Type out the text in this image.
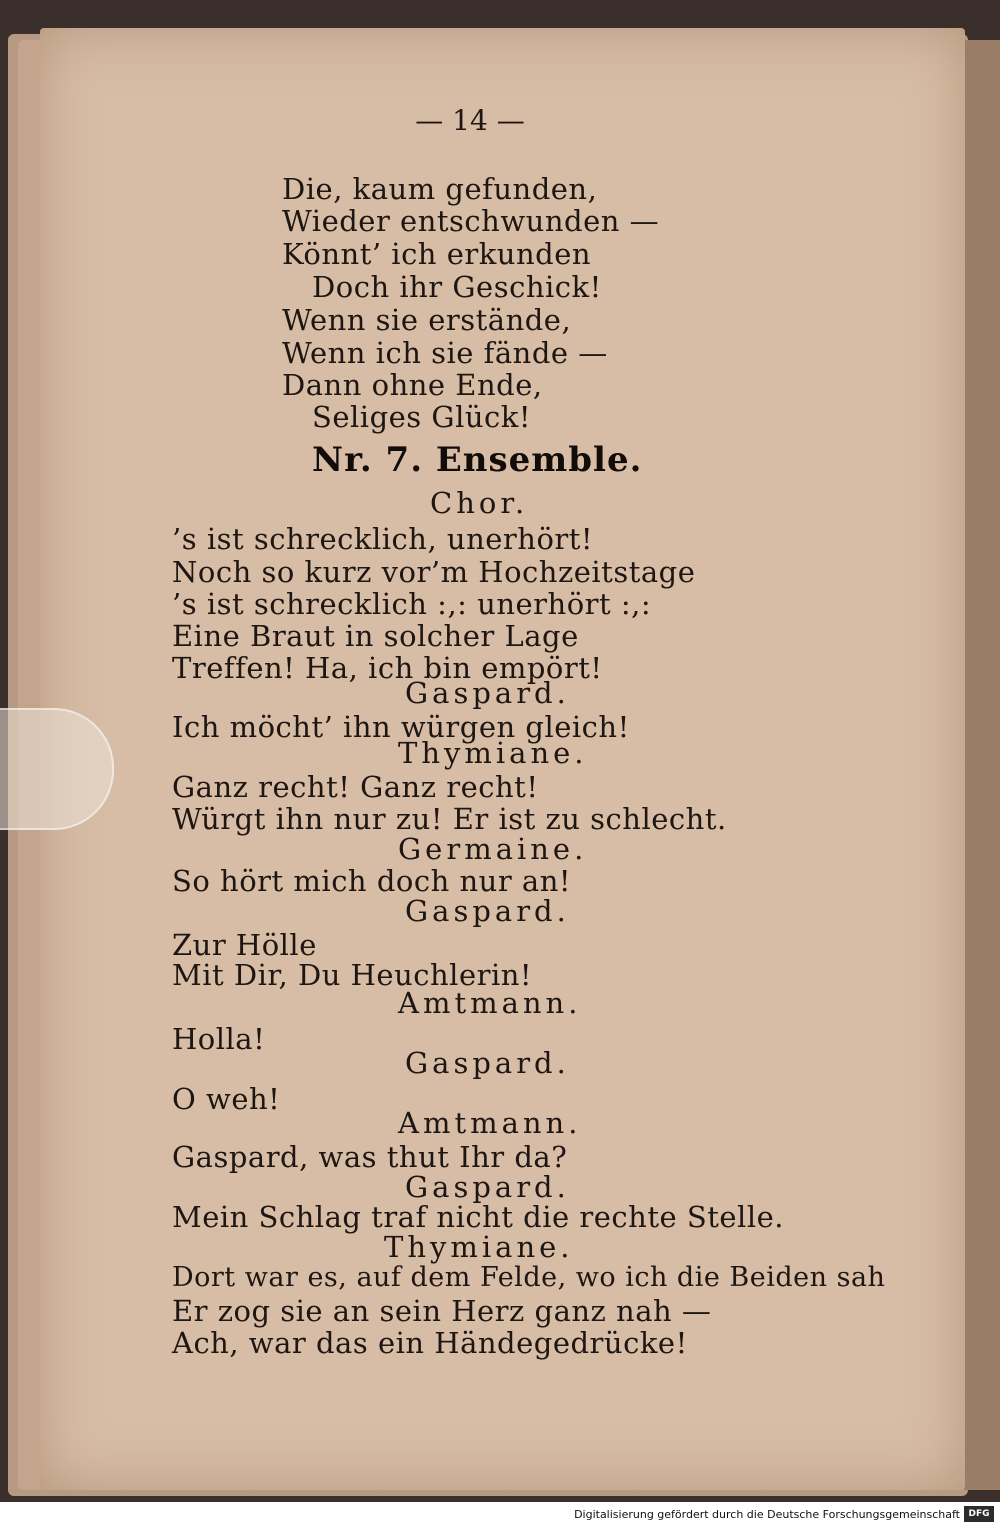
— 14 —
Die, kaum gefunden,
Wieder entschwunden —
Könnt’ ich erkunden
Doch ihr Geschick!
Wenn sie erstände,
Wenn ich sie fände —
Dann ohne Ende,
Seliges Glück!
Nr. 7. Ensemble.
Chor.
’s ist schrecklich, unerhört!
Noch so kurz vor’m Hochzeitstage
’s ist schrecklich :,: unerhört :,:
Eine Braut in solcher Lage
Treffen! Ha, ich bin empört!
Gaspard.
Ich möcht’ ihn würgen gleich!
Thymiane.
Ganz recht! Ganz recht!
Würgt ihn nur zu! Er ist zu schlecht.
Germaine.
So hört mich doch nur an!
Gaspard.
Zur Hölle
Mit Dir, Du Heuchlerin!
Amtmann.
Holla!
Gaspard.
O weh!
Amtmann.
Gaspard, was thut Ihr da?
Gaspard.
Mein Schlag traf nicht die rechte Stelle.
Thymiane.
Dort war es, auf dem Felde, wo ich die Beiden sah
Er zog sie an sein Herz ganz nah —
Ach, war das ein Händegedrücke!
Digitalisierung gefördert durch die Deutsche Forschungsgemeinschaft DFG
